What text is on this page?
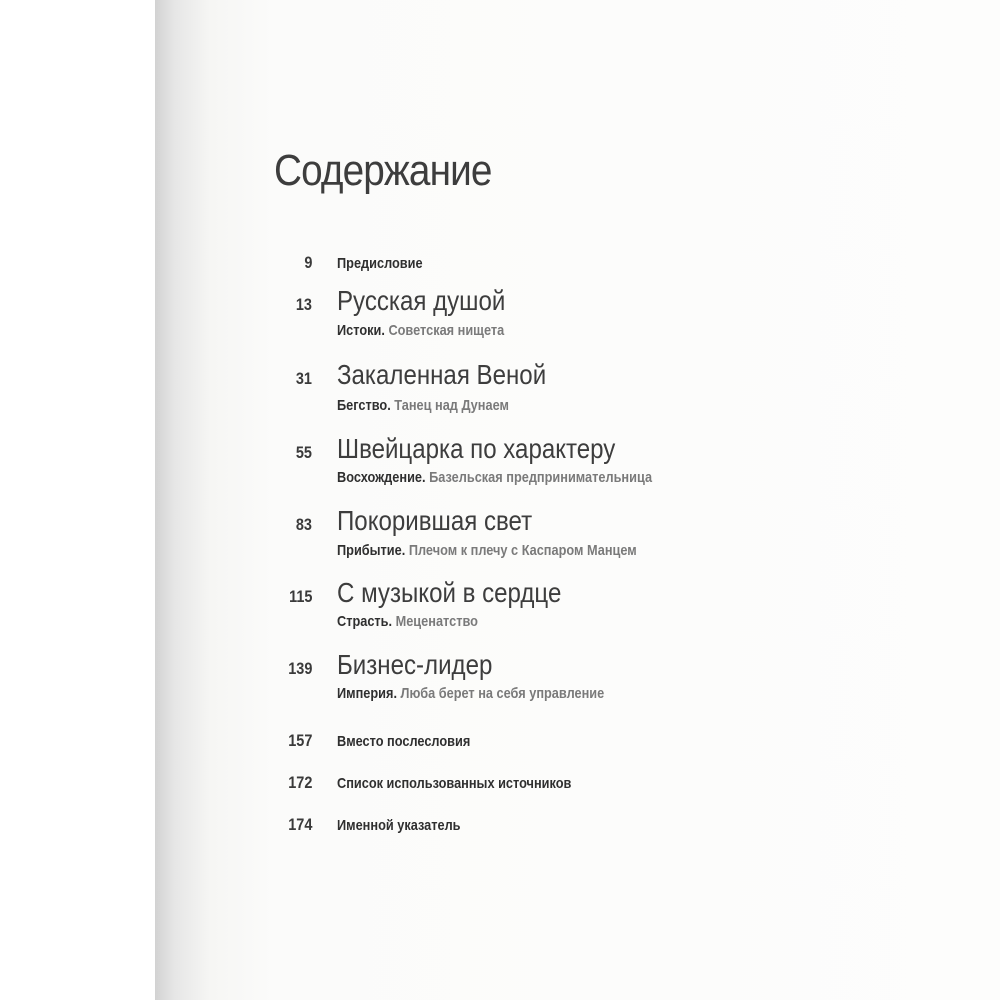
Содержание
9 Предисловие
13 Русская душой
Истоки. Советская нищета
31 Закаленная Веной
Бегство. Танец над Дунаем
55 Швейцарка по характеру
Восхождение. Базельская предпринимательница
83 Покорившая свет
Прибытие. Плечом к плечу с Каспаром Манцем
115 С музыкой в сердце
Страсть. Меценатство
139 Бизнес-лидер
Империя. Люба берет на себя управление
157 Вместо послесловия
172 Список использованных источников
174 Именной указатель
